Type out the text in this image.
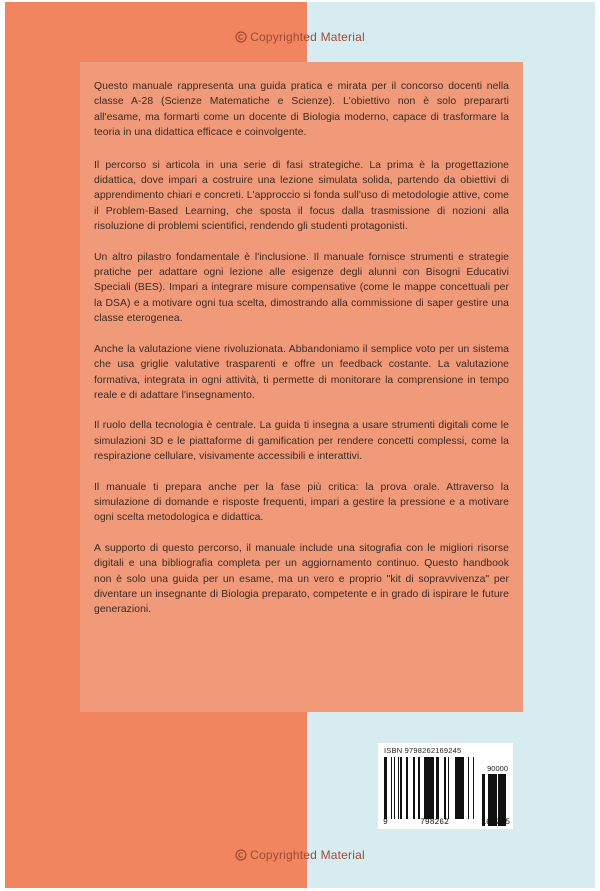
Copyrighted Material

Questo manuale rappresenta una guida pratica e mirata per il concorso docenti nella classe A-28 (Scienze Matematiche e Scienze). L'obiettivo non è solo prepararti all'esame, ma formarti come un docente di Biologia moderno, capace di trasformare la teoria in una didattica efficace e coinvolgente.

Il percorso si articola in una serie di fasi strategiche. La prima è la progettazione didattica, dove impari a costruire una lezione simulata solida, partendo da obiettivi di apprendimento chiari e concreti. L'approccio si fonda sull'uso di metodologie attive, come il Problem-Based Learning, che sposta il focus dalla trasmissione di nozioni alla risoluzione di problemi scientifici, rendendo gli studenti protagonisti.

Un altro pilastro fondamentale è l'inclusione. Il manuale fornisce strumenti e strategie pratiche per adattare ogni lezione alle esigenze degli alunni con Bisogni Educativi Speciali (BES). Impari a integrare misure compensative (come le mappe concettuali per la DSA) e a motivare ogni tua scelta, dimostrando alla commissione di saper gestire una classe eterogenea.

Anche la valutazione viene rivoluzionata. Abbandoniamo il semplice voto per un sistema che usa griglie valutative trasparenti e offre un feedback costante. La valutazione formativa, integrata in ogni attività, ti permette di monitorare la comprensione in tempo reale e di adattare l'insegnamento.

Il ruolo della tecnologia è centrale. La guida ti insegna a usare strumenti digitali come le simulazioni 3D e le piattaforme di gamification per rendere concetti complessi, come la respirazione cellulare, visivamente accessibili e interattivi.

Il manuale ti prepara anche per la fase più critica: la prova orale. Attraverso la simulazione di domande e risposte frequenti, impari a gestire la pressione e a motivare ogni scelta metodologica e didattica.

A supporto di questo percorso, il manuale include una sitografia con le migliori risorse digitali e una bibliografia completa per un aggiornamento continuo. Questo handbook non è solo una guida per un esame, ma un vero e proprio "kit di sopravvivenza" per diventare un insegnante di Biologia preparato, competente e in grado di ispirare le future generazioni.

ISBN 9798262169245
90000
9	798262	169245
Copyrighted Material
